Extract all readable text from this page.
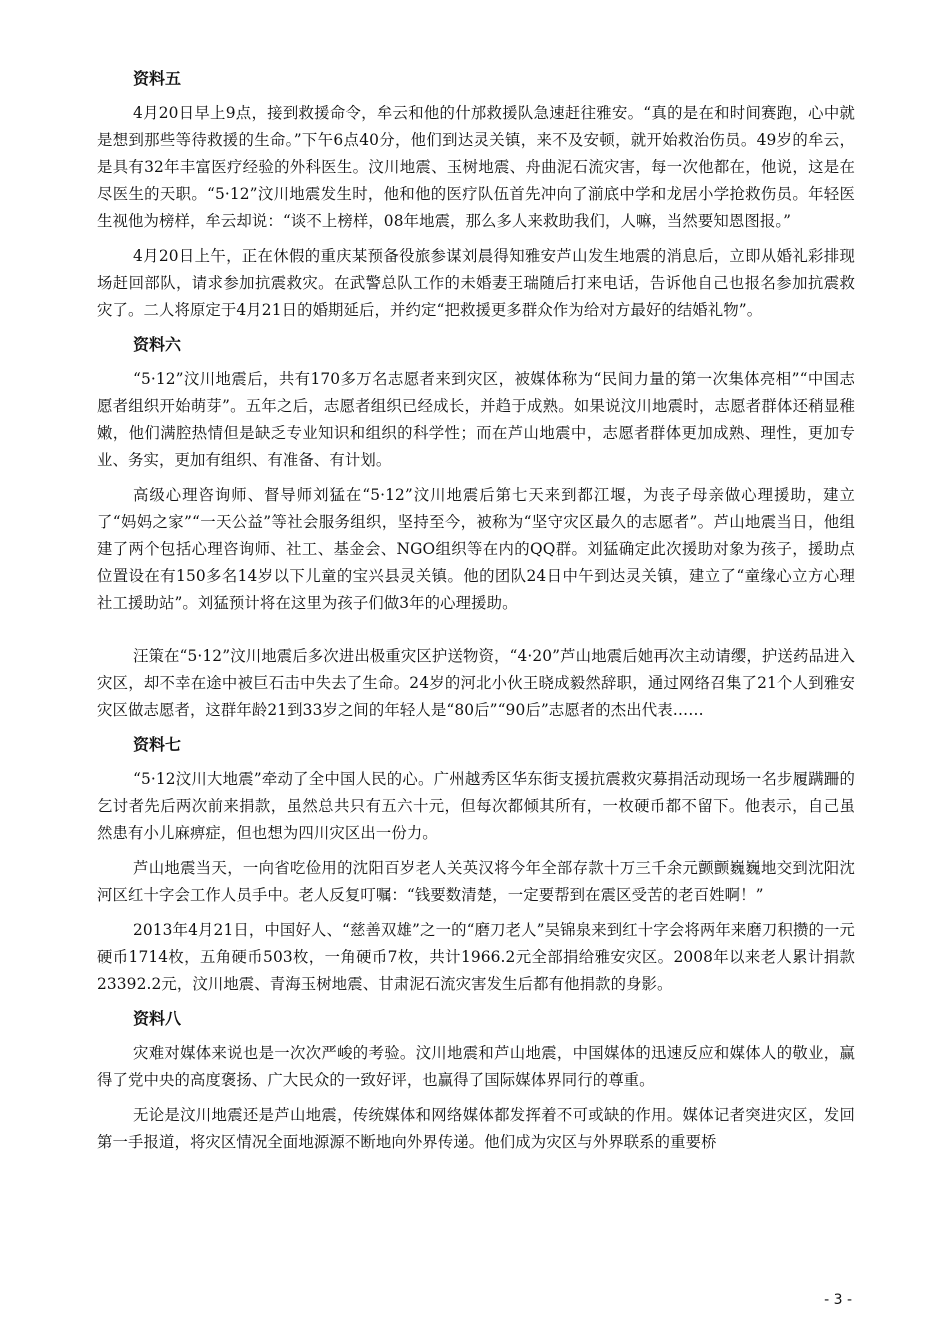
资料五

4月20日早上9点，接到救援命令，牟云和他的什邡救援队急速赶往雅安。“真的是在和时间赛跑，心中就是想到那些等待救援的生命。”下午6点40分，他们到达灵关镇，来不及安顿，就开始救治伤员。49岁的牟云，是具有32年丰富医疗经验的外科医生。汶川地震、玉树地震、舟曲泥石流灾害，每一次他都在，他说，这是在尽医生的天职。“5·12”汶川地震发生时，他和他的医疗队伍首先冲向了湔底中学和龙居小学抢救伤员。年轻医生视他为榜样，牟云却说：“谈不上榜样，08年地震，那么多人来救助我们，人嘛，当然要知恩图报。”

4月20日上午，正在休假的重庆某预备役旅参谋刘晨得知雅安芦山发生地震的消息后，立即从婚礼彩排现场赶回部队，请求参加抗震救灾。在武警总队工作的未婚妻王瑞随后打来电话，告诉他自己也报名参加抗震救灾了。二人将原定于4月21日的婚期延后，并约定“把救援更多群众作为给对方最好的结婚礼物”。

资料六

“5·12”汶川地震后，共有170多万名志愿者来到灾区，被媒体称为“民间力量的第一次集体亮相”“中国志愿者组织开始萌芽”。五年之后，志愿者组织已经成长，并趋于成熟。如果说汶川地震时，志愿者群体还稍显稚嫩，他们满腔热情但是缺乏专业知识和组织的科学性；而在芦山地震中，志愿者群体更加成熟、理性，更加专业、务实，更加有组织、有准备、有计划。

高级心理咨询师、督导师刘猛在“5·12”汶川地震后第七天来到都江堰，为丧子母亲做心理援助，建立了“妈妈之家”“一天公益”等社会服务组织，坚持至今，被称为“坚守灾区最久的志愿者”。芦山地震当日，他组建了两个包括心理咨询师、社工、基金会、NGO组织等在内的QQ群。刘猛确定此次援助对象为孩子，援助点位置设在有150多名14岁以下儿童的宝兴县灵关镇。他的团队24日中午到达灵关镇，建立了“童缘心立方心理社工援助站”。刘猛预计将在这里为孩子们做3年的心理援助。

汪策在“5·12”汶川地震后多次进出极重灾区护送物资，“4·20”芦山地震后她再次主动请缨，护送药品进入灾区，却不幸在途中被巨石击中失去了生命。24岁的河北小伙王晓成毅然辞职，通过网络召集了21个人到雅安灾区做志愿者，这群年龄21到33岁之间的年轻人是“80后”“90后”志愿者的杰出代表……

资料七

“5·12汶川大地震”牵动了全中国人民的心。广州越秀区华东街支援抗震救灾募捐活动现场一名步履蹒跚的乞讨者先后两次前来捐款，虽然总共只有五六十元，但每次都倾其所有，一枚硬币都不留下。他表示，自己虽然患有小儿麻痹症，但也想为四川灾区出一份力。

芦山地震当天，一向省吃俭用的沈阳百岁老人关英汉将今年全部存款十万三千余元颤颤巍巍地交到沈阳沈河区红十字会工作人员手中。老人反复叮嘱：“钱要数清楚，一定要帮到在震区受苦的老百姓啊！”

2013年4月21日，中国好人、“慈善双雄”之一的“磨刀老人”吴锦泉来到红十字会将两年来磨刀积攒的一元硬币1714枚，五角硬币503枚，一角硬币7枚，共计1966.2元全部捐给雅安灾区。2008年以来老人累计捐款23392.2元，汶川地震、青海玉树地震、甘肃泥石流灾害发生后都有他捐款的身影。

资料八

灾难对媒体来说也是一次次严峻的考验。汶川地震和芦山地震，中国媒体的迅速反应和媒体人的敬业，赢得了党中央的高度褒扬、广大民众的一致好评，也赢得了国际媒体界同行的尊重。

无论是汶川地震还是芦山地震，传统媒体和网络媒体都发挥着不可或缺的作用。媒体记者突进灾区，发回第一手报道，将灾区情况全面地源源不断地向外界传递。他们成为灾区与外界联系的重要桥

- 3 -
